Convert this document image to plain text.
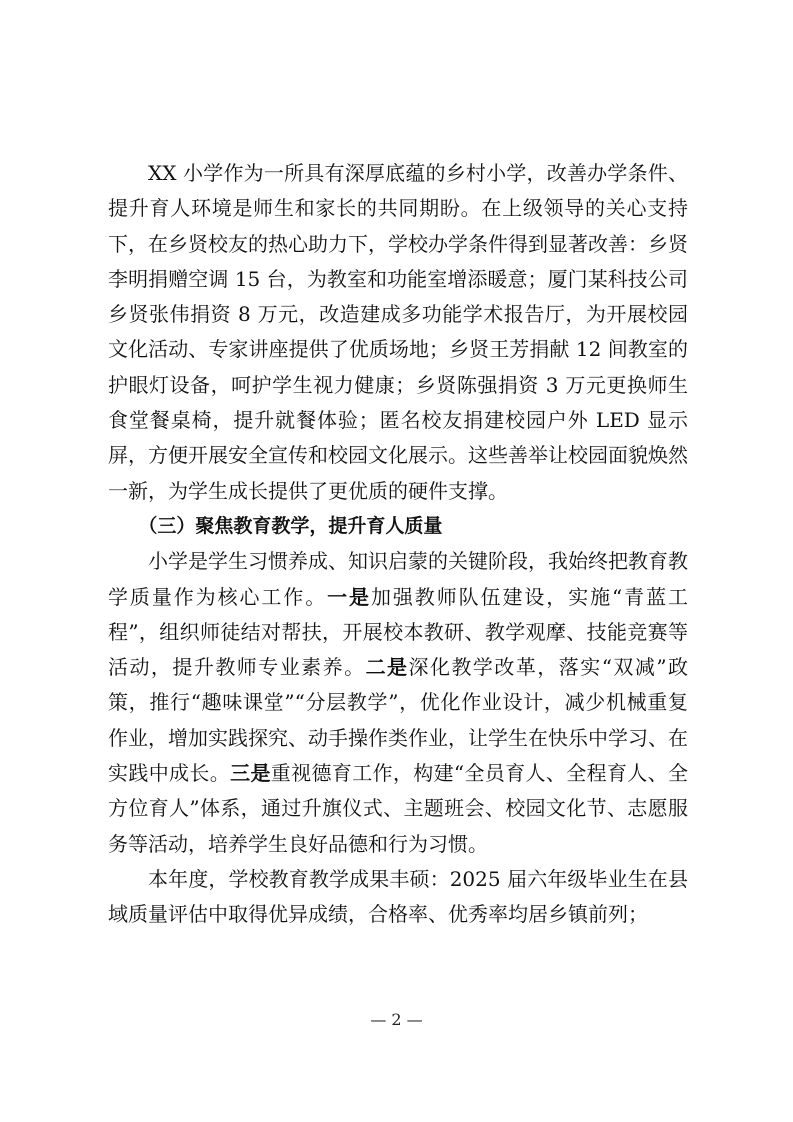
XX 小学作为一所具有深厚底蕴的乡村小学，改善办学条件、提升育人环境是师生和家长的共同期盼。在上级领导的关心支持下，在乡贤校友的热心助力下，学校办学条件得到显著改善：乡贤李明捐赠空调 15 台，为教室和功能室增添暖意；厦门某科技公司乡贤张伟捐资 8 万元，改造建成多功能学术报告厅，为开展校园文化活动、专家讲座提供了优质场地；乡贤王芳捐献 12 间教室的护眼灯设备，呵护学生视力健康；乡贤陈强捐资 3 万元更换师生食堂餐桌椅，提升就餐体验；匿名校友捐建校园户外 LED 显示屏，方便开展安全宣传和校园文化展示。这些善举让校园面貌焕然一新，为学生成长提供了更优质的硬件支撑。

（三）聚焦教育教学，提升育人质量

小学是学生习惯养成、知识启蒙的关键阶段，我始终把教育教学质量作为核心工作。一是加强教师队伍建设，实施“青蓝工程”，组织师徒结对帮扶，开展校本教研、教学观摩、技能竞赛等活动，提升教师专业素养。二是深化教学改革，落实“双减”政策，推行“趣味课堂”“分层教学”，优化作业设计，减少机械重复作业，增加实践探究、动手操作类作业，让学生在快乐中学习、在实践中成长。三是重视德育工作，构建“全员育人、全程育人、全方位育人”体系，通过升旗仪式、主题班会、校园文化节、志愿服务等活动，培养学生良好品德和行为习惯。

本年度，学校教育教学成果丰硕：2025 届六年级毕业生在县域质量评估中取得优异成绩，合格率、优秀率均居乡镇前列；

— 2 —
